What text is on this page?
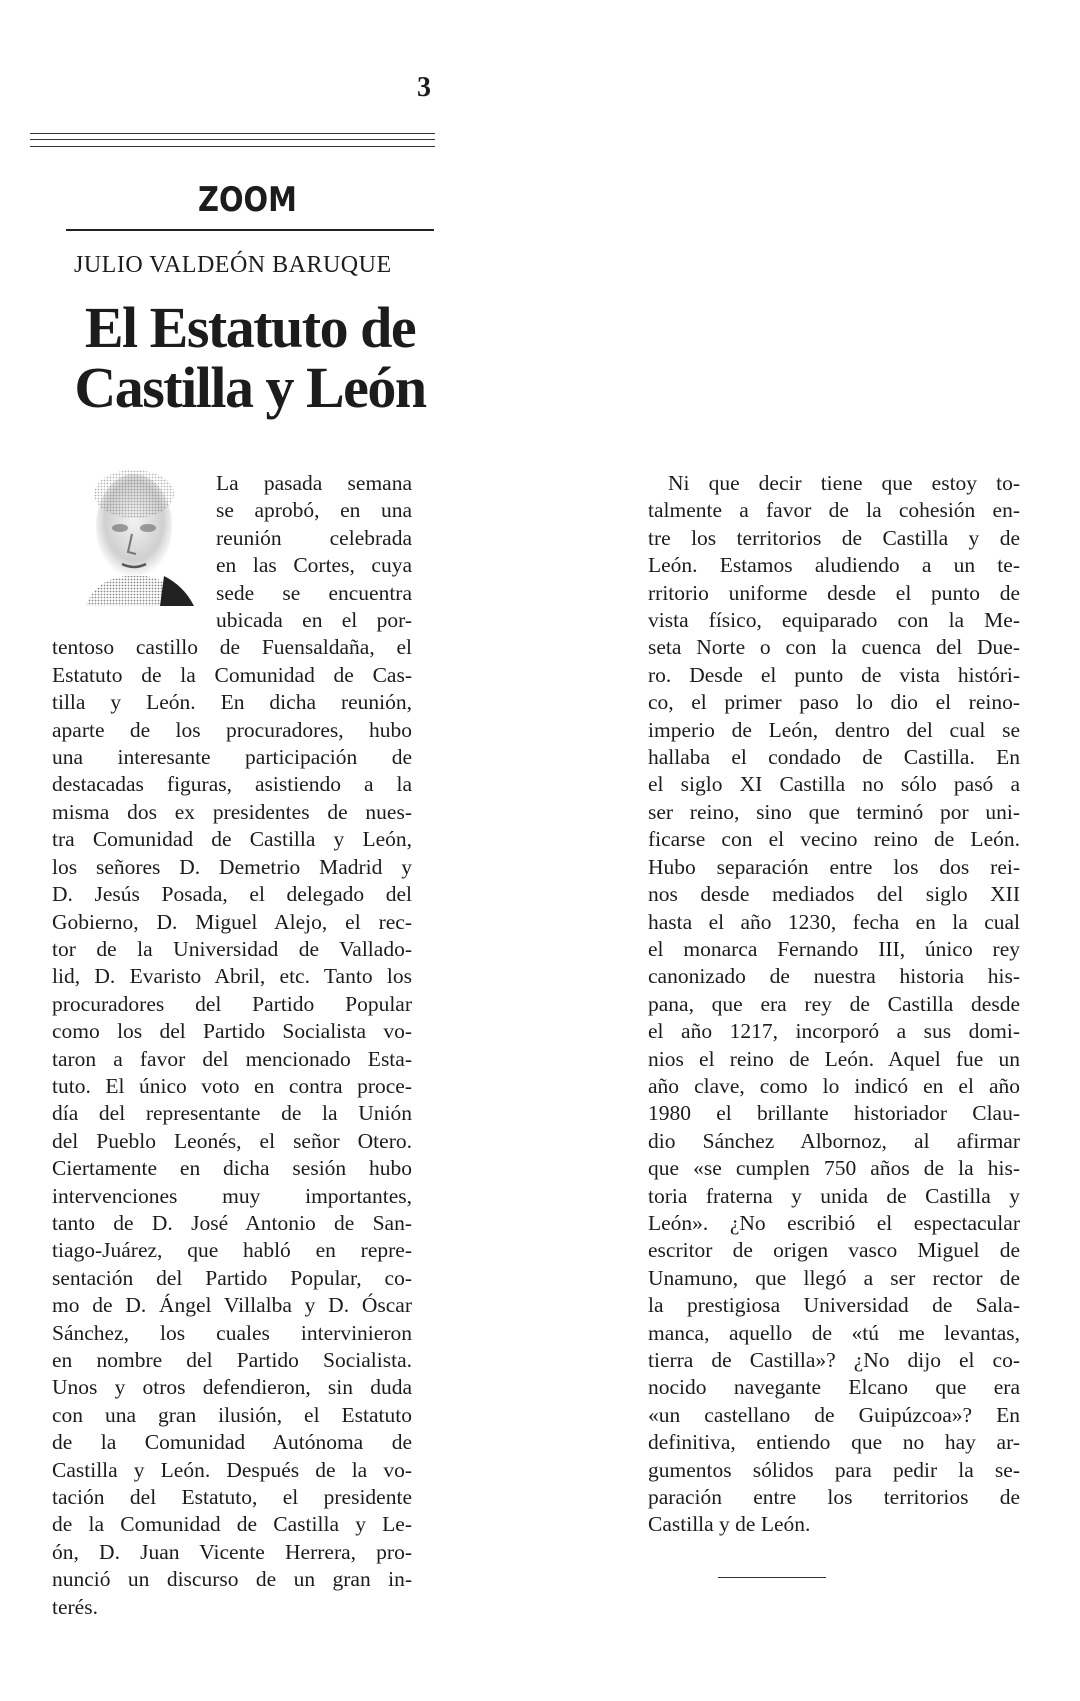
3
ZOOM
JULIO VALDEÓN BARUQUE
El Estatuto de
Castilla y León

La pasada semana

se aprobó, en una

reunión celebrada

en las Cortes, cuya

sede se encuentra

ubicada en el por-

tentoso castillo de Fuensaldaña, el

Estatuto de la Comunidad de Cas-

tilla y León. En dicha reunión,

aparte de los procuradores, hubo

una interesante participación de

destacadas figuras, asistiendo a la

misma dos ex presidentes de nues-

tra Comunidad de Castilla y León,

los señores D. Demetrio Madrid y

D. Jesús Posada, el delegado del

Gobierno, D. Miguel Alejo, el rec-

tor de la Universidad de Vallado-

lid, D. Evaristo Abril, etc. Tanto los

procuradores del Partido Popular

como los del Partido Socialista vo-

taron a favor del mencionado Esta-

tuto. El único voto en contra proce-

día del representante de la Unión

del Pueblo Leonés, el señor Otero.

Ciertamente en dicha sesión hubo

intervenciones muy importantes,

tanto de D. José Antonio de San-

tiago-Juárez, que habló en repre-

sentación del Partido Popular, co-

mo de D. Ángel Villalba y D. Óscar

Sánchez, los cuales intervinieron

en nombre del Partido Socialista.

Unos y otros defendieron, sin duda

con una gran ilusión, el Estatuto

de la Comunidad Autónoma de

Castilla y León. Después de la vo-

tación del Estatuto, el presidente

de la Comunidad de Castilla y Le-

ón, D. Juan Vicente Herrera, pro-

nunció un discurso de un gran in-

terés.

Ni que decir tiene que estoy to-

talmente a favor de la cohesión en-

tre los territorios de Castilla y de

León. Estamos aludiendo a un te-

rritorio uniforme desde el punto de

vista físico, equiparado con la Me-

seta Norte o con la cuenca del Due-

ro. Desde el punto de vista históri-

co, el primer paso lo dio el reino-

imperio de León, dentro del cual se

hallaba el condado de Castilla. En

el siglo XI Castilla no sólo pasó a

ser reino, sino que terminó por uni-

ficarse con el vecino reino de León.

Hubo separación entre los dos rei-

nos desde mediados del siglo XII

hasta el año 1230, fecha en la cual

el monarca Fernando III, único rey

canonizado de nuestra historia his-

pana, que era rey de Castilla desde

el año 1217, incorporó a sus domi-

nios el reino de León. Aquel fue un

año clave, como lo indicó en el año

1980 el brillante historiador Clau-

dio Sánchez Albornoz, al afirmar

que «se cumplen 750 años de la his-

toria fraterna y unida de Castilla y

León». ¿No escribió el espectacular

escritor de origen vasco Miguel de

Unamuno, que llegó a ser rector de

la prestigiosa Universidad de Sala-

manca, aquello de «tú me levantas,

tierra de Castilla»? ¿No dijo el co-

nocido navegante Elcano que era

«un castellano de Guipúzcoa»? En

definitiva, entiendo que no hay ar-

gumentos sólidos para pedir la se-

paración entre los territorios de

Castilla y de León.
